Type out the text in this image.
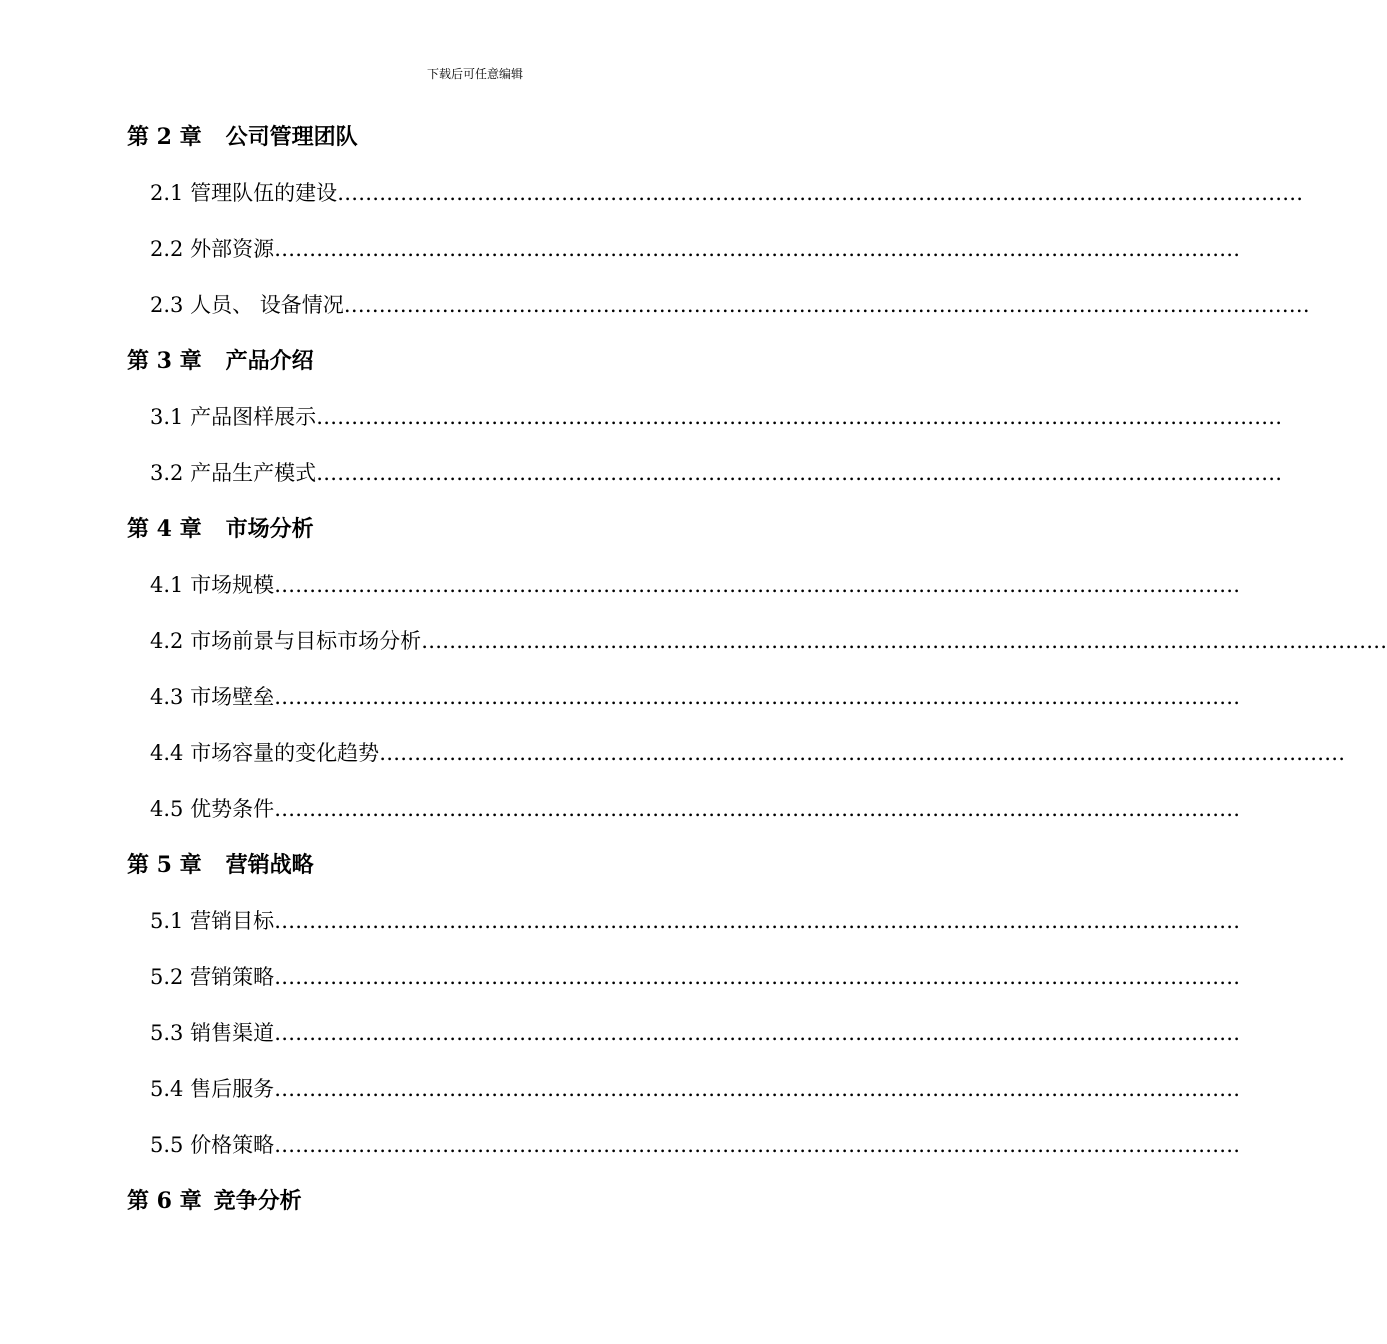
下载后可任意编辑
第 2 章 公司管理团队
2.1 管理队伍的建设…………………………………………………………………………………………………………………………
2.2 外部资源…………………………………………………………………………………………………………………………
2.3 人员、 设备情况…………………………………………………………………………………………………………………………
第 3 章 产品介绍
3.1 产品图样展示…………………………………………………………………………………………………………………………
3.2 产品生产模式…………………………………………………………………………………………………………………………
第 4 章 市场分析
4.1 市场规模…………………………………………………………………………………………………………………………
4.2 市场前景与目标市场分析…………………………………………………………………………………………………………………………
4.3 市场壁垒…………………………………………………………………………………………………………………………
4.4 市场容量的变化趋势…………………………………………………………………………………………………………………………
4.5 优势条件…………………………………………………………………………………………………………………………
第 5 章 营销战略
5.1 营销目标…………………………………………………………………………………………………………………………
5.2 营销策略…………………………………………………………………………………………………………………………
5.3 销售渠道…………………………………………………………………………………………………………………………
5.4 售后服务…………………………………………………………………………………………………………………………
5.5 价格策略…………………………………………………………………………………………………………………………
第 6 章 竞争分析
